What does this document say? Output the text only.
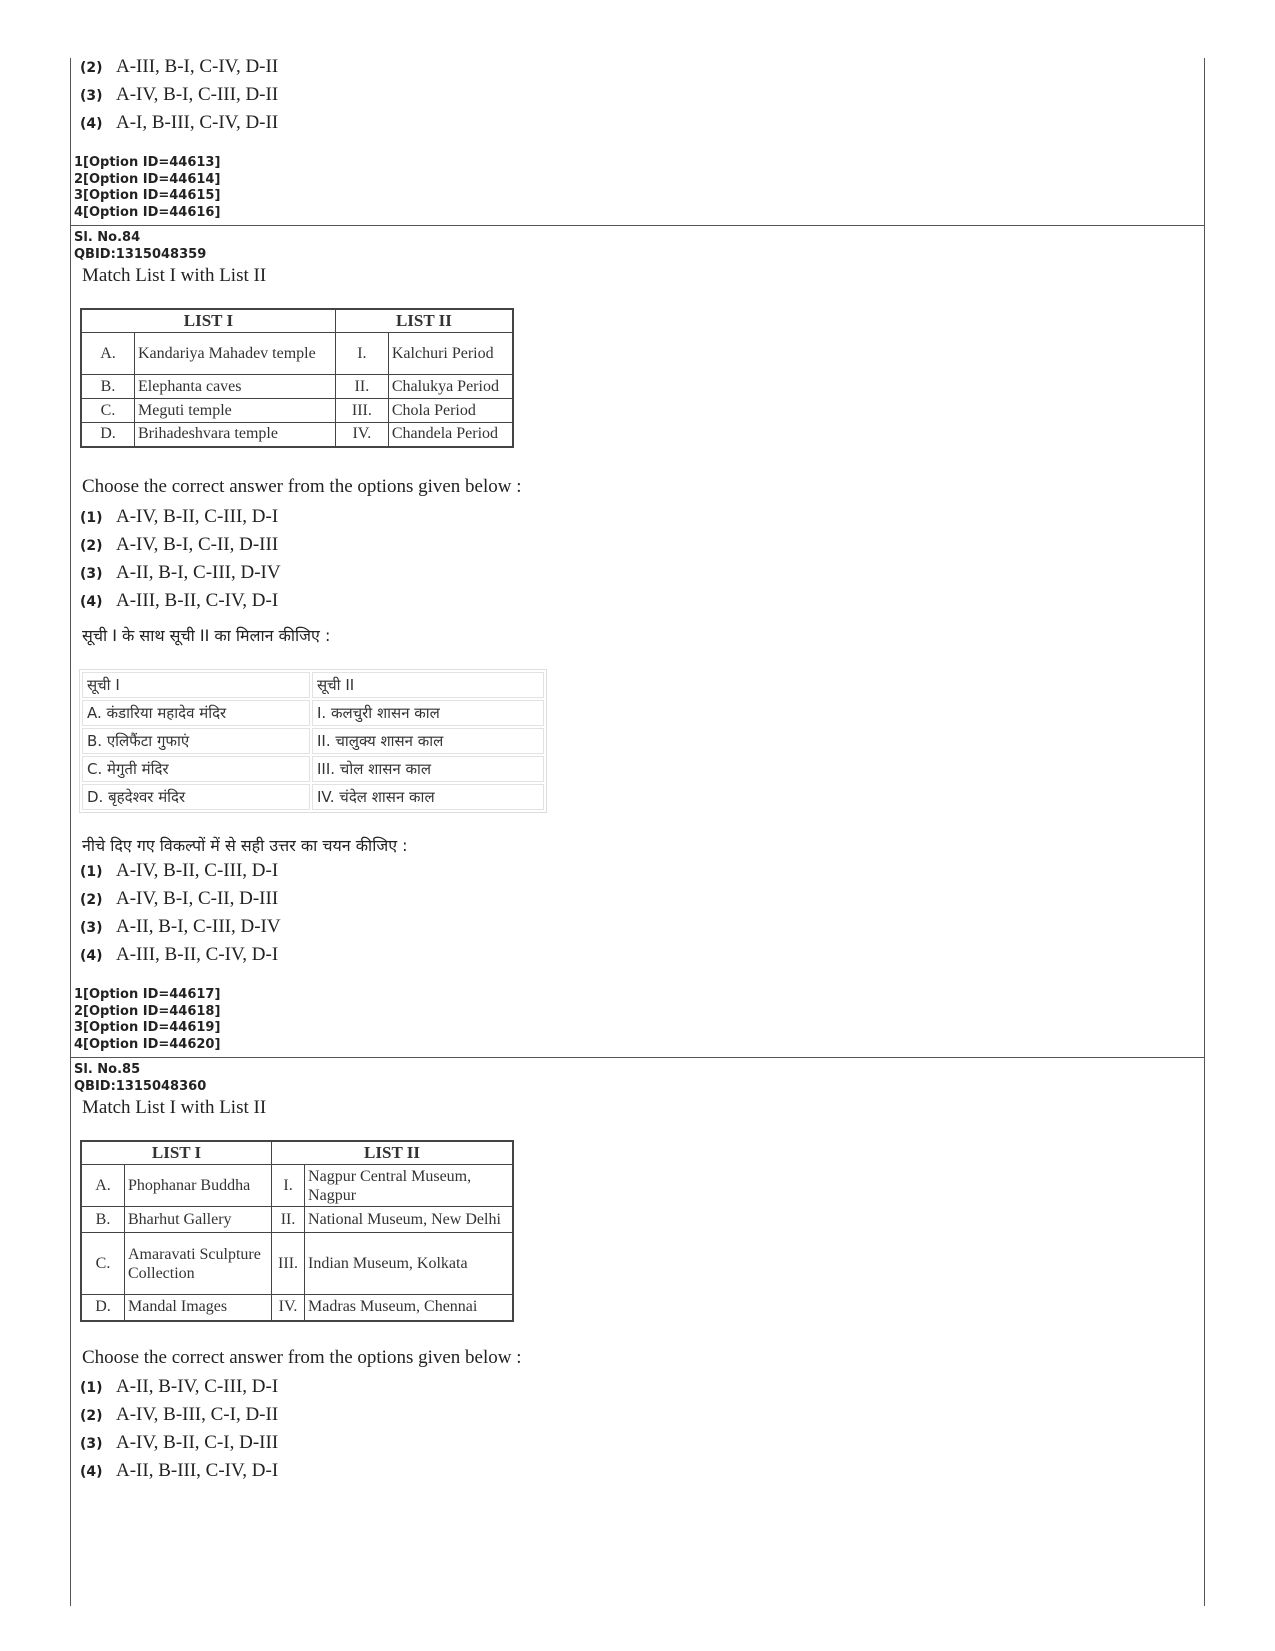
(2) A-III, B-I, C-IV, D-II
(3) A-IV, B-I, C-III, D-II
(4) A-I, B-III, C-IV, D-II
1[Option ID=44613]
2[Option ID=44614]
3[Option ID=44615]
4[Option ID=44616]
Sl. No.84
QBID:1315048359
Match List I with List II
LIST I		LIST II	
A.	Kandariya Mahadev temple	I.	Kalchuri Period
B.	Elephanta caves	II.	Chalukya Period
C.	Meguti temple	III.	Chola Period
D.	Brihadeshvara temple	IV.	Chandela Period
Choose the correct answer from the options given below :
(1) A-IV, B-II, C-III, D-I
(2) A-IV, B-I, C-II, D-III
(3) A-II, B-I, C-III, D-IV
(4) A-III, B-II, C-IV, D-I
सूची I के साथ सूची II का मिलान कीजिए :
सूची I	सूची II
A. कंडारिया महादेव मंदिर	I. कलचुरी शासन काल
B. एलिफैंटा गुफाएं	II. चालुक्य शासन काल
C. मेगुती मंदिर	III. चोल शासन काल
D. बृहदेश्वर मंदिर	IV. चंदेल शासन काल
नीचे दिए गए विकल्पों में से सही उत्तर का चयन कीजिए :
(1) A-IV, B-II, C-III, D-I
(2) A-IV, B-I, C-II, D-III
(3) A-II, B-I, C-III, D-IV
(4) A-III, B-II, C-IV, D-I
1[Option ID=44617]
2[Option ID=44618]
3[Option ID=44619]
4[Option ID=44620]
Sl. No.85
QBID:1315048360
Match List I with List II
LIST I		LIST II	
A.	Phophanar Buddha	I.	Nagpur Central Museum, Nagpur
B.	Bharhut Gallery	II.	National Museum, New Delhi
C.	Amaravati Sculpture Collection	III.	Indian Museum, Kolkata
D.	Mandal Images	IV.	Madras Museum, Chennai
Choose the correct answer from the options given below :
(1) A-II, B-IV, C-III, D-I
(2) A-IV, B-III, C-I, D-II
(3) A-IV, B-II, C-I, D-III
(4) A-II, B-III, C-IV, D-I
